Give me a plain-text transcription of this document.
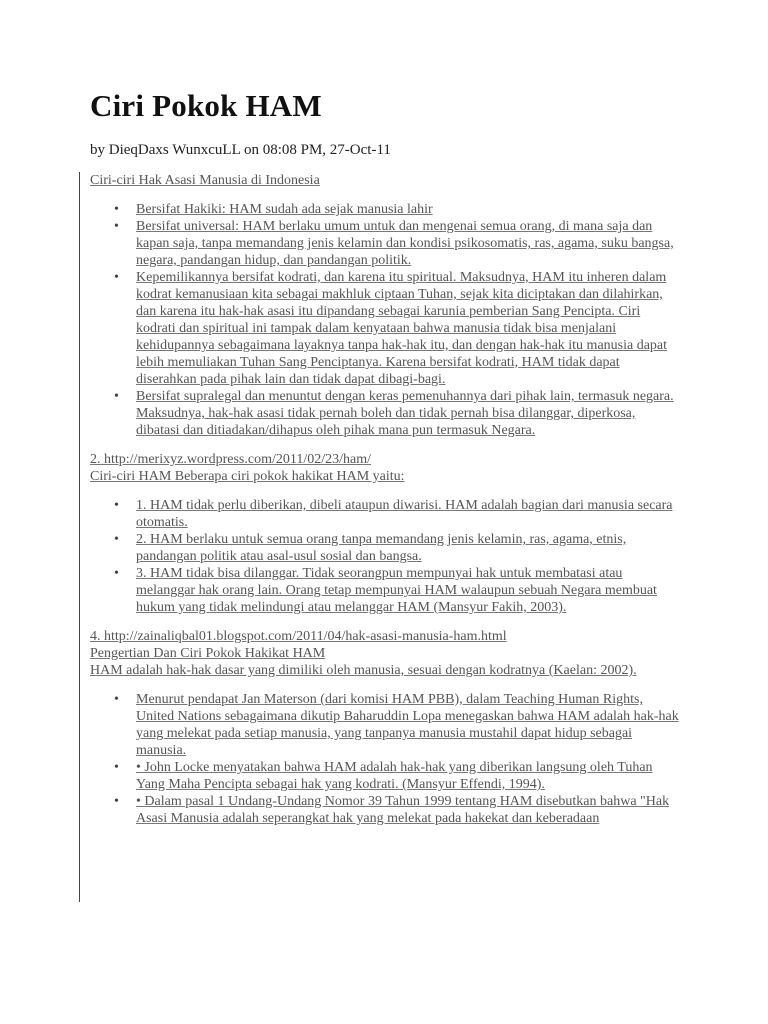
Ciri Pokok HAM
by DieqDaxs WunxcuLL on 08:08 PM, 27-Oct-11
Ciri-ciri Hak Asasi Manusia di Indonesia
• Bersifat Hakiki: HAM sudah ada sejak manusia lahir
• Bersifat universal: HAM berlaku umum untuk dan mengenai semua orang, di mana saja dan kapan saja, tanpa memandang jenis kelamin dan kondisi psikosomatis, ras, agama, suku bangsa, negara, pandangan hidup, dan pandangan politik.
• Kepemilikannya bersifat kodrati, dan karena itu spiritual. Maksudnya, HAM itu inheren dalam kodrat kemanusiaan kita sebagai makhluk ciptaan Tuhan, sejak kita diciptakan dan dilahirkan, dan karena itu hak-hak asasi itu dipandang sebagai karunia pemberian Sang Pencipta. Ciri kodrati dan spiritual ini tampak dalam kenyataan bahwa manusia tidak bisa menjalani kehidupannya sebagaimana layaknya tanpa hak-hak itu, dan dengan hak-hak itu manusia dapat lebih memuliakan Tuhan Sang Penciptanya. Karena bersifat kodrati, HAM tidak dapat diserahkan pada pihak lain dan tidak dapat dibagi-bagi.
• Bersifat supralegal dan menuntut dengan keras pemenuhannya dari pihak lain, termasuk negara. Maksudnya, hak-hak asasi tidak pernah boleh dan tidak pernah bisa dilanggar, diperkosa, dibatasi dan ditiadakan/dihapus oleh pihak mana pun termasuk Negara.
2. http://merixyz.wordpress.com/2011/02/23/ham/
Ciri-ciri HAM Beberapa ciri pokok hakikat HAM yaitu:
• 1. HAM tidak perlu diberikan, dibeli ataupun diwarisi. HAM adalah bagian dari manusia secara otomatis.
• 2. HAM berlaku untuk semua orang tanpa memandang jenis kelamin, ras, agama, etnis, pandangan politik atau asal-usul sosial dan bangsa.
• 3. HAM tidak bisa dilanggar. Tidak seorangpun mempunyai hak untuk membatasi atau melanggar hak orang lain. Orang tetap mempunyai HAM walaupun sebuah Negara membuat hukum yang tidak melindungi atau melanggar HAM (Mansyur Fakih, 2003).
4. http://zainaliqbal01.blogspot.com/2011/04/hak-asasi-manusia-ham.html
Pengertian Dan Ciri Pokok Hakikat HAM
HAM adalah hak-hak dasar yang dimiliki oleh manusia, sesuai dengan kodratnya (Kaelan: 2002).
• Menurut pendapat Jan Materson (dari komisi HAM PBB), dalam Teaching Human Rights, United Nations sebagaimana dikutip Baharuddin Lopa menegaskan bahwa HAM adalah hak-hak yang melekat pada setiap manusia, yang tanpanya manusia mustahil dapat hidup sebagai manusia.
• • John Locke menyatakan bahwa HAM adalah hak-hak yang diberikan langsung oleh Tuhan Yang Maha Pencipta sebagai hak yang kodrati. (Mansyur Effendi, 1994).
• • Dalam pasal 1 Undang-Undang Nomor 39 Tahun 1999 tentang HAM disebutkan bahwa "Hak Asasi Manusia adalah seperangkat hak yang melekat pada hakekat dan keberadaan
